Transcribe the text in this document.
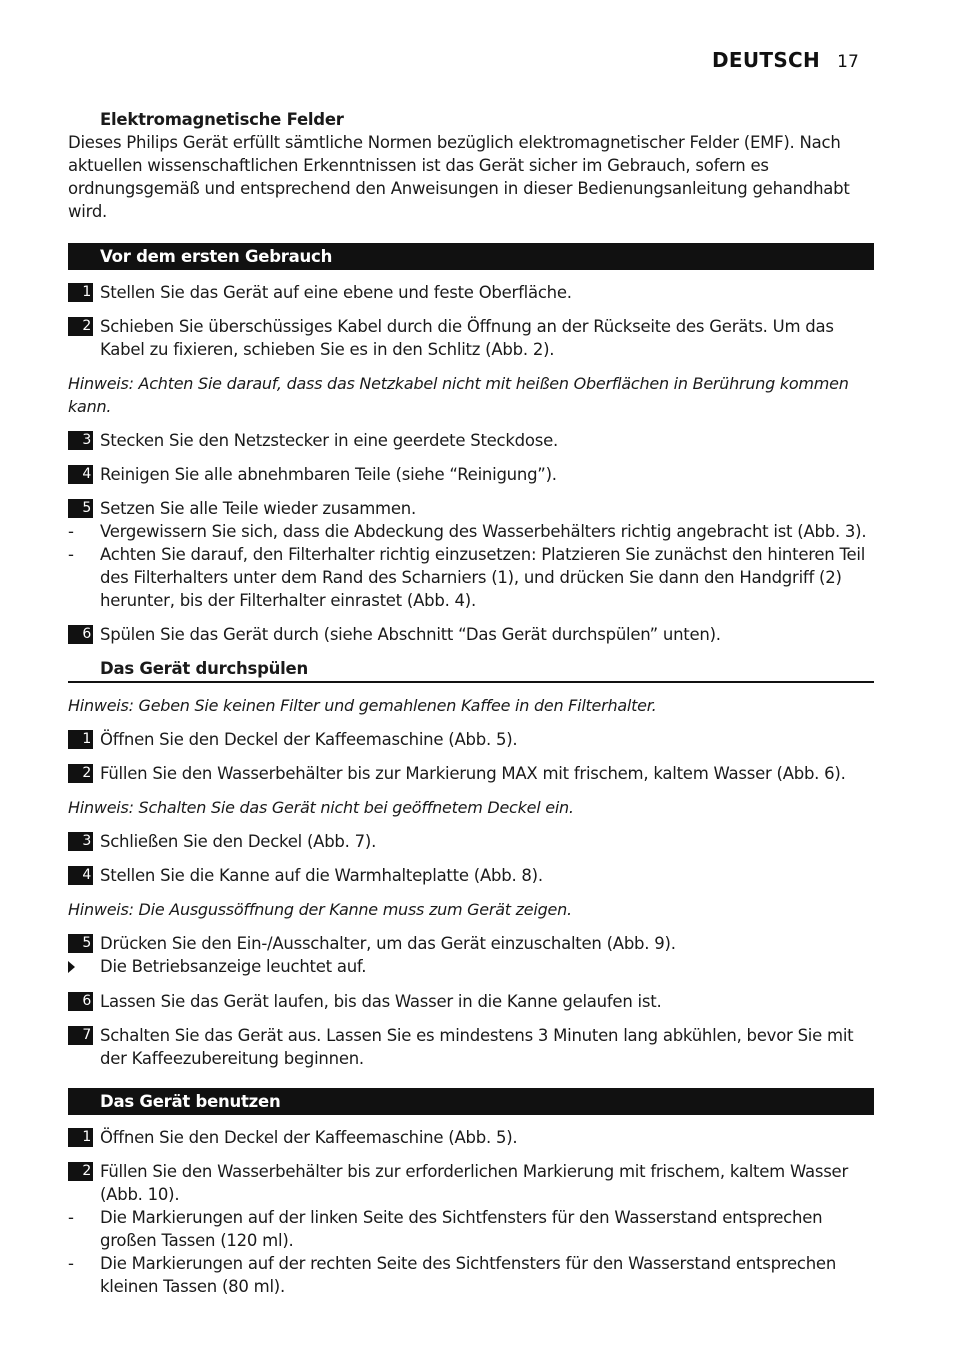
DEUTSCH 17
Elektromagnetische Felder
Dieses Philips Gerät erfüllt sämtliche Normen bezüglich elektromagnetischer Felder (EMF). Nach aktuellen wissenschaftlichen Erkenntnissen ist das Gerät sicher im Gebrauch, sofern es ordnungsgemäß und entsprechend den Anweisungen in dieser Bedienungsanleitung gehandhabt wird.
Vor dem ersten Gebrauch
1 Stellen Sie das Gerät auf eine ebene und feste Oberfläche.
2 Schieben Sie überschüssiges Kabel durch die Öffnung an der Rückseite des Geräts. Um das Kabel zu fixieren, schieben Sie es in den Schlitz (Abb. 2).
Hinweis: Achten Sie darauf, dass das Netzkabel nicht mit heißen Oberflächen in Berührung kommen kann.
3 Stecken Sie den Netzstecker in eine geerdete Steckdose.
4 Reinigen Sie alle abnehmbaren Teile (siehe “Reinigung”).
5 Setzen Sie alle Teile wieder zusammen.
-	Vergewissern Sie sich, dass die Abdeckung des Wasserbehälters richtig angebracht ist (Abb. 3).
-	Achten Sie darauf, den Filterhalter richtig einzusetzen: Platzieren Sie zunächst den hinteren Teil des Filterhalters unter dem Rand des Scharniers (1), und drücken Sie dann den Handgriff (2) herunter, bis der Filterhalter einrastet (Abb. 4).
6 Spülen Sie das Gerät durch (siehe Abschnitt “Das Gerät durchspülen” unten).
Das Gerät durchspülen
Hinweis: Geben Sie keinen Filter und gemahlenen Kaffee in den Filterhalter.
1 Öffnen Sie den Deckel der Kaffeemaschine (Abb. 5).
2 Füllen Sie den Wasserbehälter bis zur Markierung MAX mit frischem, kaltem Wasser (Abb. 6).
Hinweis: Schalten Sie das Gerät nicht bei geöffnetem Deckel ein.
3 Schließen Sie den Deckel (Abb. 7).
4 Stellen Sie die Kanne auf die Warmhalteplatte (Abb. 8).
Hinweis: Die Ausgussöffnung der Kanne muss zum Gerät zeigen.
5 Drücken Sie den Ein-/Ausschalter, um das Gerät einzuschalten (Abb. 9).
Die Betriebsanzeige leuchtet auf.
6 Lassen Sie das Gerät laufen, bis das Wasser in die Kanne gelaufen ist.
7 Schalten Sie das Gerät aus. Lassen Sie es mindestens 3 Minuten lang abkühlen, bevor Sie mit der Kaffeezubereitung beginnen.
Das Gerät benutzen
1 Öffnen Sie den Deckel der Kaffeemaschine (Abb. 5).
2 Füllen Sie den Wasserbehälter bis zur erforderlichen Markierung mit frischem, kaltem Wasser (Abb. 10).
-	Die Markierungen auf der linken Seite des Sichtfensters für den Wasserstand entsprechen großen Tassen (120 ml).
-	Die Markierungen auf der rechten Seite des Sichtfensters für den Wasserstand entsprechen kleinen Tassen (80 ml).
